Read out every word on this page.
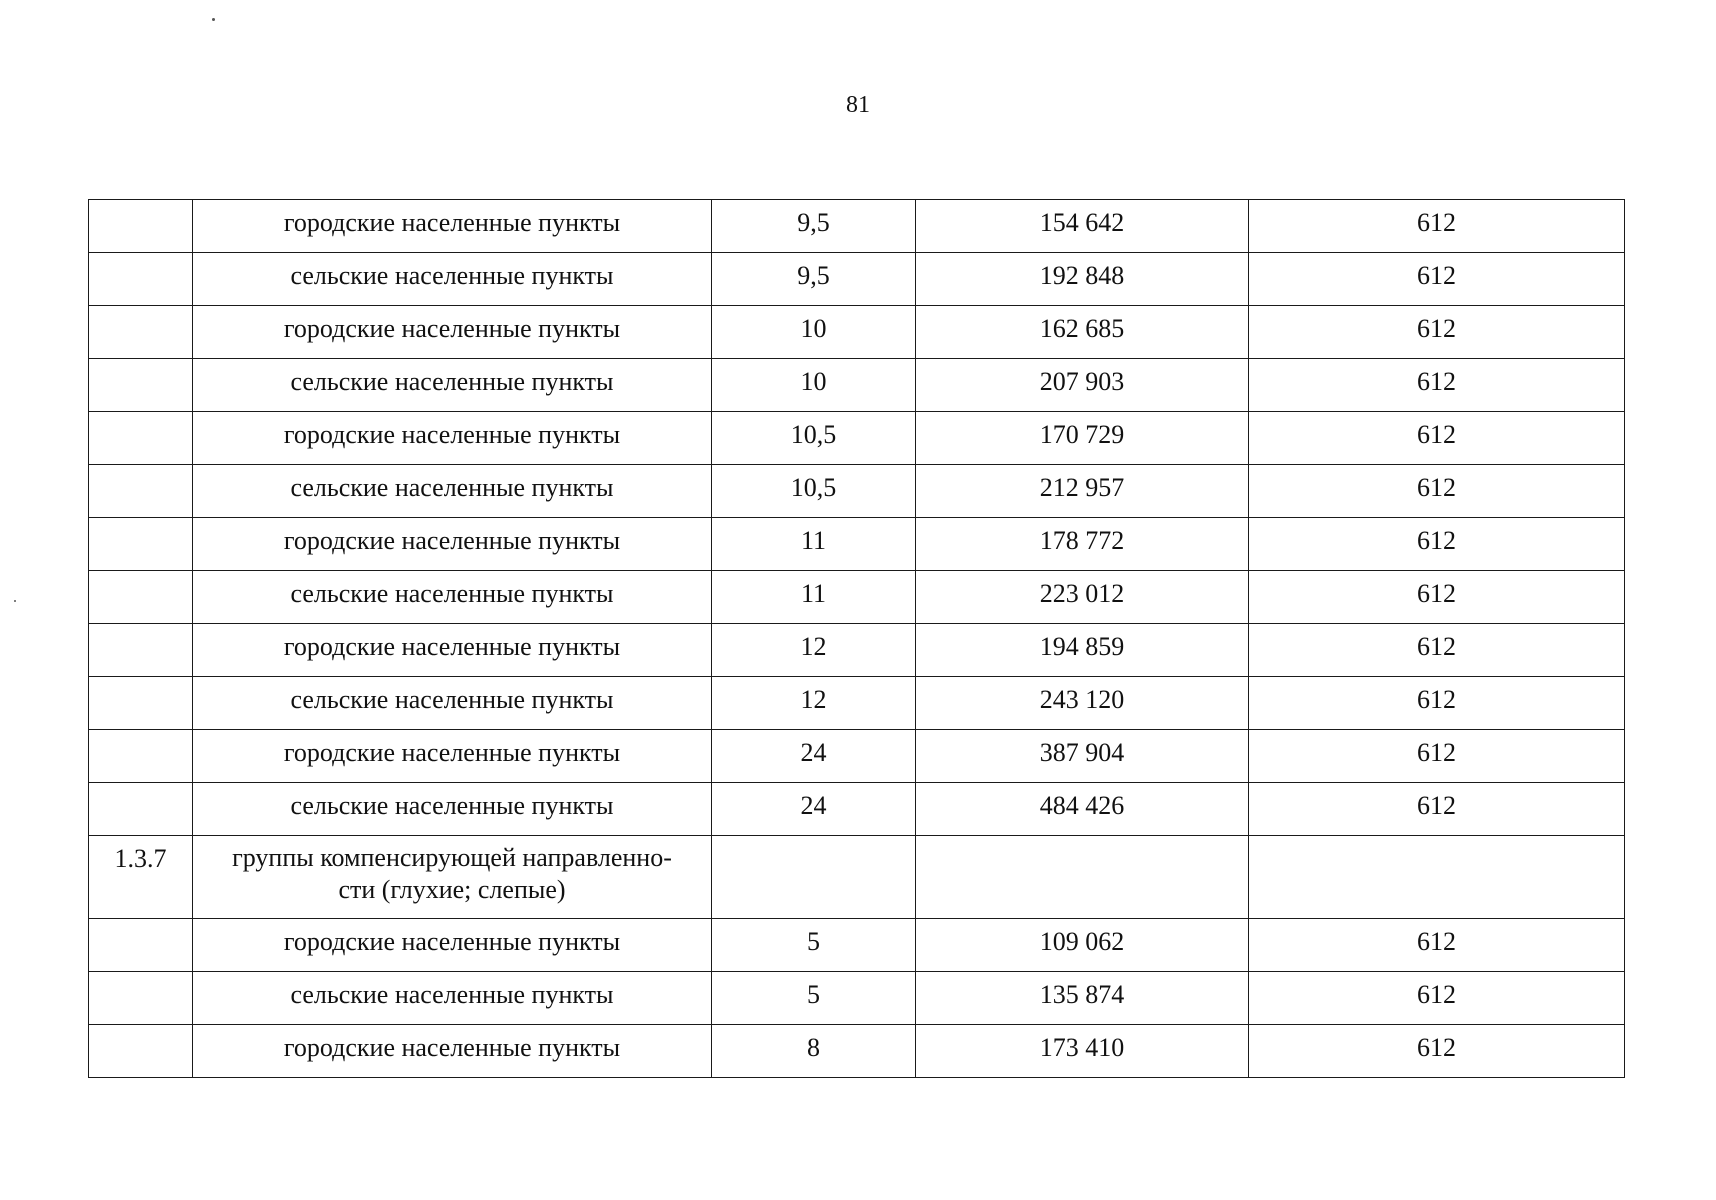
81
	городские населенные пункты	9,5	154 642	612
	сельские населенные пункты	9,5	192 848	612
	городские населенные пункты	10	162 685	612
	сельские населенные пункты	10	207 903	612
	городские населенные пункты	10,5	170 729	612
	сельские населенные пункты	10,5	212 957	612
	городские населенные пункты	11	178 772	612
	сельские населенные пункты	11	223 012	612
	городские населенные пункты	12	194 859	612
	сельские населенные пункты	12	243 120	612
	городские населенные пункты	24	387 904	612
	сельские населенные пункты	24	484 426	612
1.3.7	группы компенсирующей направленно-
сти (глухие; слепые)			

	городские населенные пункты	5	109 062	612
	сельские населенные пункты	5	135 874	612
	городские населенные пункты	8	173 410	612
